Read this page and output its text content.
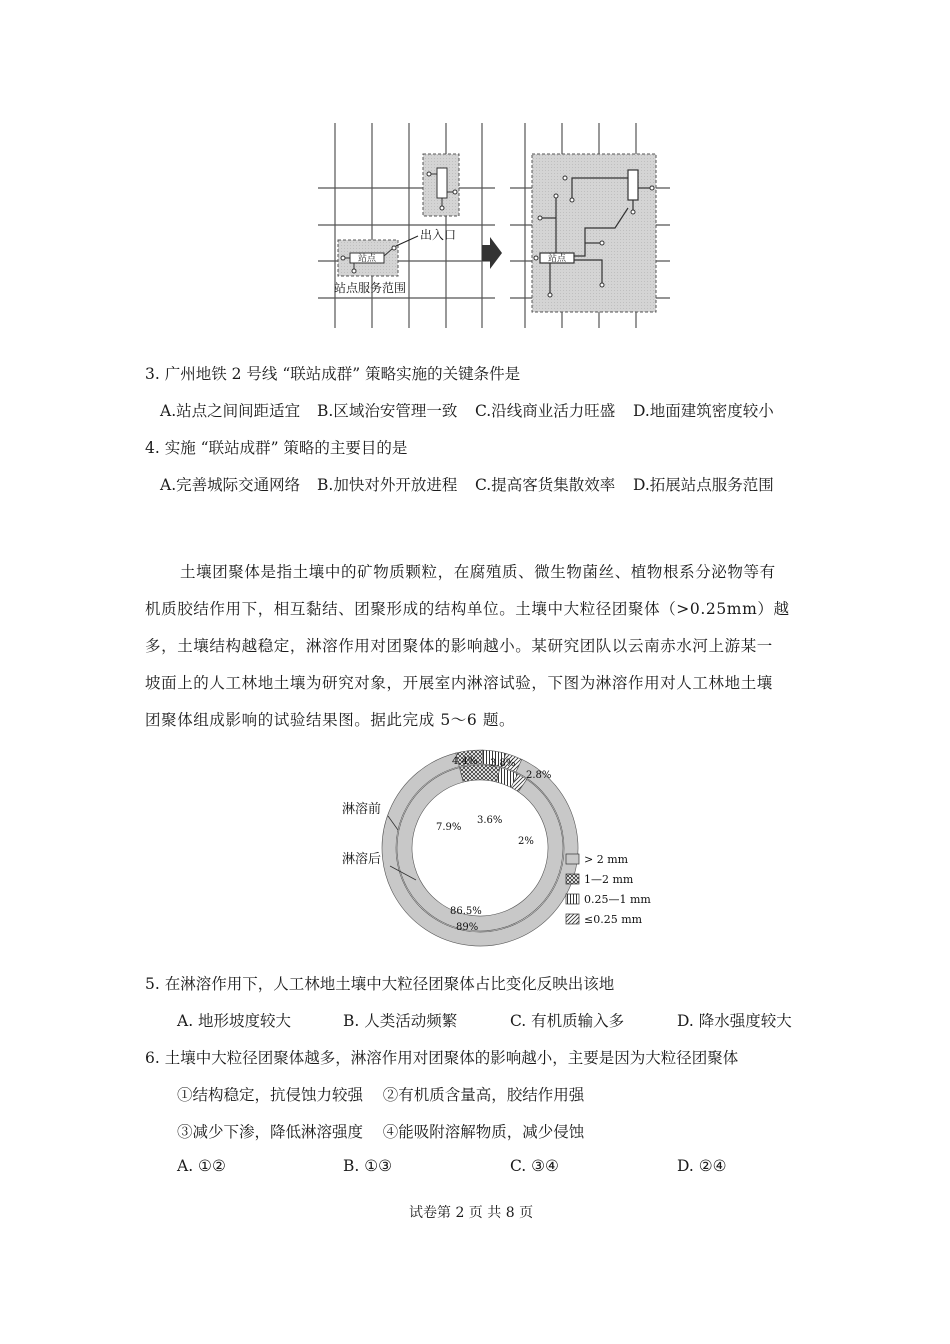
站点
出入口
站点服务范围
站点
3. 广州地铁 2 号线 “联站成群” 策略实施的关键条件是
A.站点之间间距适宜 B.区域治安管理一致 C.沿线商业活力旺盛 D.地面建筑密度较小
4. 实施 “联站成群” 策略的主要目的是
A.完善城际交通网络 B.加快对外开放进程 C.提高客货集散效率 D.拓展站点服务范围
土壤团聚体是指土壤中的矿物质颗粒，在腐殖质、微生物菌丝、植物根系分泌物等有
机质胶结作用下，相互黏结、团聚形成的结构单位。土壤中大粒径团聚体（>0.25mm）越
多，土壤结构越稳定，淋溶作用对团聚体的影响越小。某研究团队以云南赤水河上游某一
坡面上的人工林地土壤为研究对象，开展室内淋溶试验，下图为淋溶作用对人工林地土壤
团聚体组成影响的试验结果图。据此完成 5～6 题。
淋溶前
淋溶后
4.4% 3.8%
2.8%
7.9%
3.6%
2%
86.5%
89%
> 2 mm
1—2 mm
0.25—1 mm
≤0.25 mm
5. 在淋溶作用下，人工林地土壤中大粒径团聚体占比变化反映出该地
A. 地形坡度较大	B. 人类活动频繁	C. 有机质输入多	D. 降水强度较大
6. 土壤中大粒径团聚体越多，淋溶作用对团聚体的影响越小，主要是因为大粒径团聚体
①结构稳定，抗侵蚀力较强    ②有机质含量高，胶结作用强
③减少下渗，降低淋溶强度    ④能吸附溶解物质，减少侵蚀
A. ①②	B. ①③	C. ③④	D. ②④
试卷第 2 页 共 8 页
